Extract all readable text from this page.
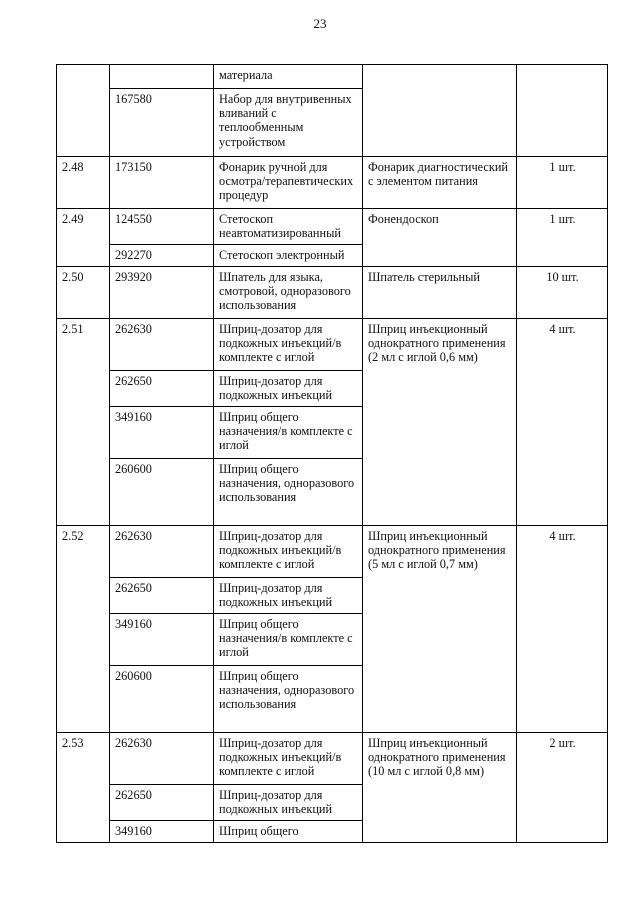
23
		материала		
	167580	Набор для внутривенных вливаний с теплообменным устройством		
2.48	173150	Фонарик ручной для осмотра/терапевтических процедур	Фонарик диагностический с элементом питания	1 шт.
2.49	124550	Стетоскоп неавтоматизированный	Фонендоскоп	1 шт.
	292270	Стетоскоп электронный		
2.50	293920	Шпатель для языка, смотровой, одноразового использования	Шпатель стерильный	10 шт.
2.51	262630	Шприц-дозатор для подкожных инъекций/в комплекте с иглой	Шприц инъекционный однократного применения (2 мл с иглой 0,6 мм)	4 шт.
	262650	Шприц-дозатор для подкожных инъекций		
	349160	Шприц общего назначения/в комплекте с иглой		
	260600	Шприц общего назначения, одноразового использования		
2.52	262630	Шприц-дозатор для подкожных инъекций/в комплекте с иглой	Шприц инъекционный однократного применения (5 мл с иглой 0,7 мм)	4 шт.
	262650	Шприц-дозатор для подкожных инъекций		
	349160	Шприц общего назначения/в комплекте с иглой		
	260600	Шприц общего назначения, одноразового использования		
2.53	262630	Шприц-дозатор для подкожных инъекций/в комплекте с иглой	Шприц инъекционный однократного применения (10 мл с иглой 0,8 мм)	2 шт.
	262650	Шприц-дозатор для подкожных инъекций		
	349160	Шприц общего		
